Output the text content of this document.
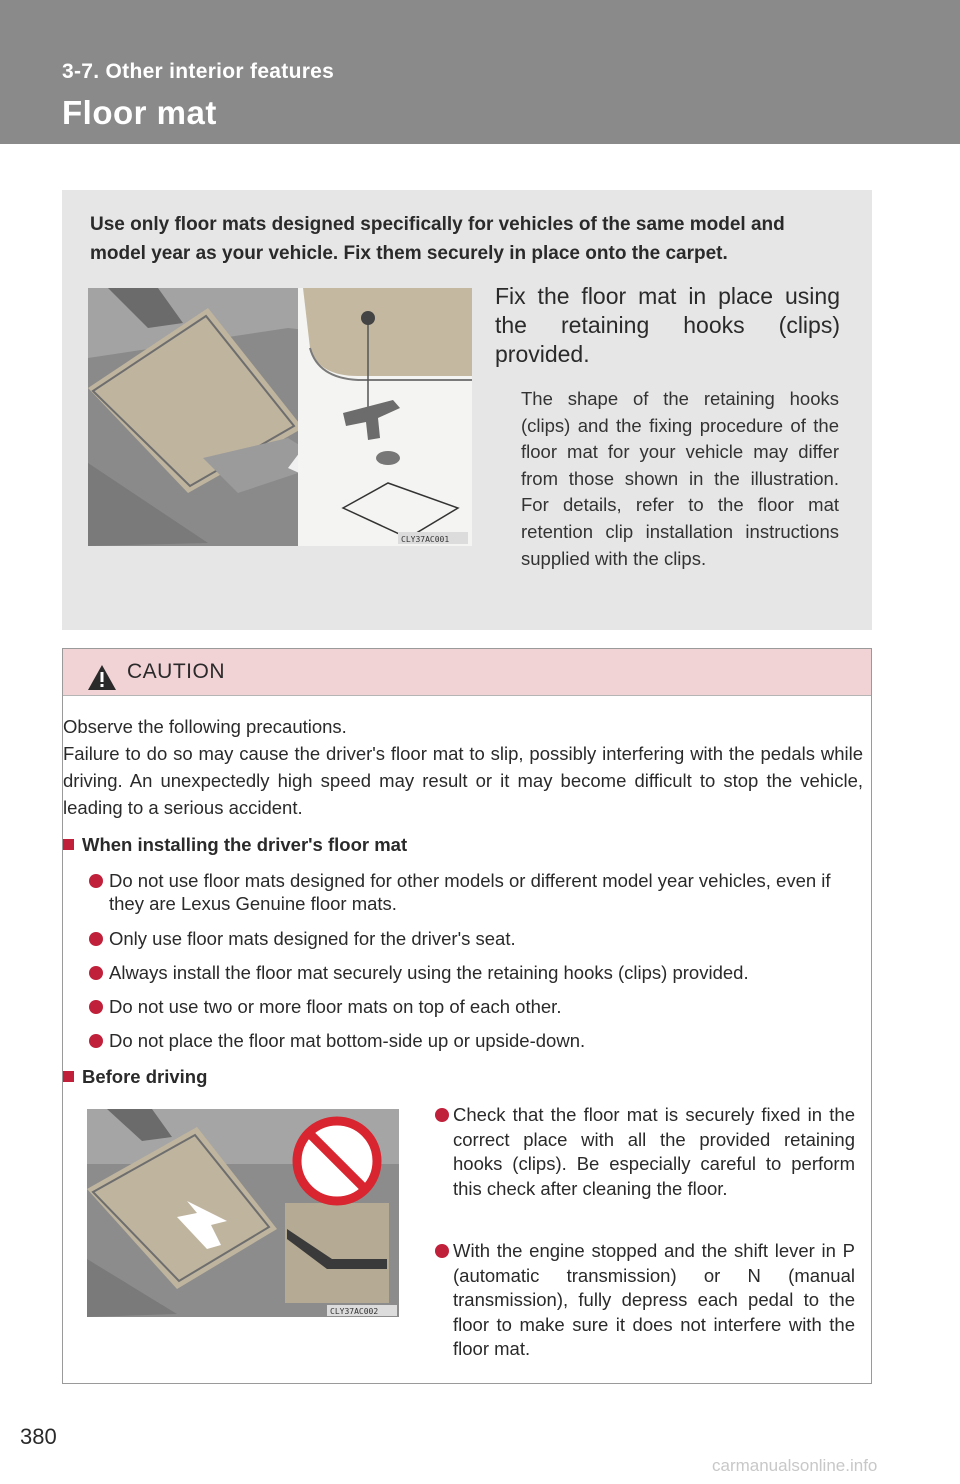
3-7. Other interior features
Floor mat
Use only floor mats designed specifically for vehicles of the same model and model year as your vehicle. Fix them securely in place onto the carpet.
CLY37AC001
Fix the floor mat in place using the retaining hooks (clips) provided.
The shape of the retaining hooks (clips) and the fixing procedure of the floor mat for your vehicle may differ from those shown in the illustration. For details, refer to the floor mat retention clip installation instructions supplied with the clips.
CAUTION
Observe the following precautions.
Failure to do so may cause the driver's floor mat to slip, possibly interfering with the pedals while driving. An unexpectedly high speed may result or it may become difficult to stop the vehicle, leading to a serious accident.
When installing the driver's floor mat
Do not use floor mats designed for other models or different model year vehicles, even if they are Lexus Genuine floor mats.
Only use floor mats designed for the driver's seat.
Always install the floor mat securely using the retaining hooks (clips) provided.
Do not use two or more floor mats on top of each other.
Do not place the floor mat bottom-side up or upside-down.
Before driving
CLY37AC002
Check that the floor mat is securely fixed in the correct place with all the provided retaining hooks (clips). Be especially careful to perform this check after cleaning the floor.
With the engine stopped and the shift lever in P (automatic transmission) or N (manual transmission), fully depress each pedal to the floor to make sure it does not interfere with the floor mat.
380
carmanualsonline.info
